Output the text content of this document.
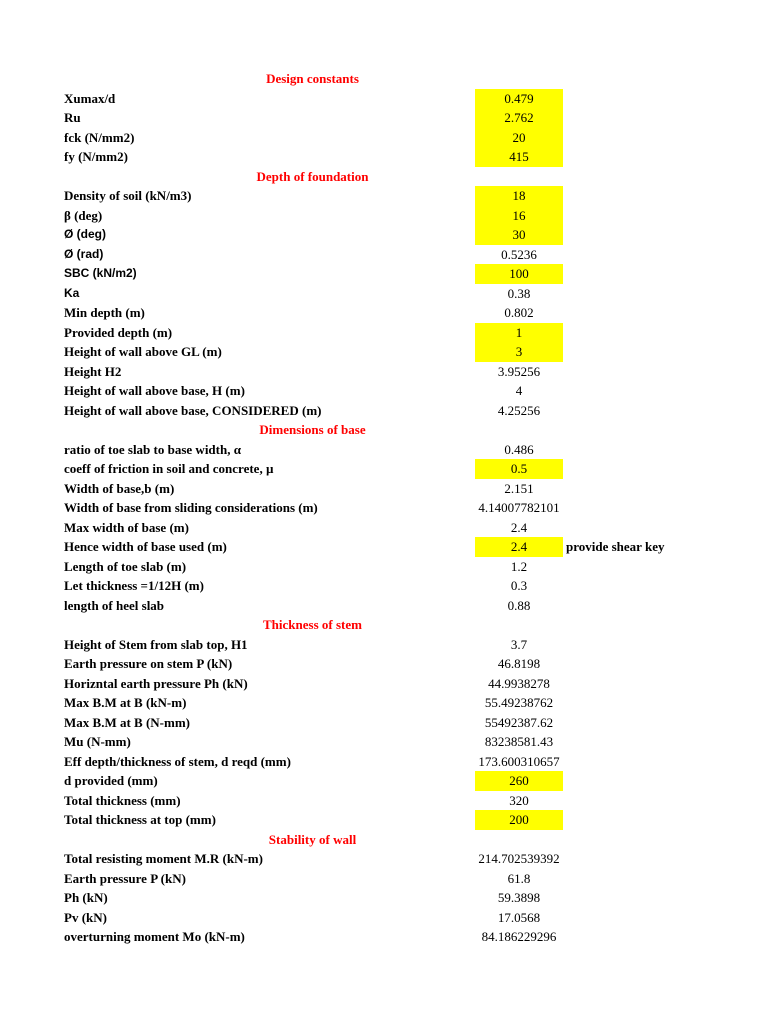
Design constants
Xumax/d	0.479
Ru	2.762
fck (N/mm2)	20
fy (N/mm2)	415
Depth of foundation
Density of soil (kN/m3)	18
β (deg)	16
Ø (deg)	30
Ø (rad)	0.5236
SBC (kN/m2)	100
Ka	0.38
Min depth (m)	0.802
Provided depth (m)	1
Height of wall above GL (m)	3
Height H2	3.95256
Height of wall above base, H (m)	4
Height of wall above base, CONSIDERED (m)	4.25256
Dimensions of base
ratio of toe slab to base width, α	0.486
coeff of friction in soil and concrete, µ	0.5
Width of base,b (m)	2.151
Width of base from sliding considerations (m)	4.14007782101
Max width of base (m)	2.4
Hence width of base used (m)	2.4	provide shear key
Length of toe slab (m)	1.2
Let thickness =1/12H (m)	0.3
length of heel slab	0.88
Thickness of stem
Height of Stem from slab top, H1	3.7
Earth pressure on stem P (kN)	46.8198
Horizntal earth pressure Ph (kN)	44.9938278
Max B.M at B (kN-m)	55.49238762
Max B.M at B (N-mm)	55492387.62
Mu (N-mm)	83238581.43
Eff depth/thickness of stem, d reqd (mm)	173.600310657
d provided (mm)	260
Total thickness (mm)	320
Total thickness at top (mm)	200
Stability of wall
Total resisting moment M.R (kN-m)	214.702539392
Earth pressure P (kN)	61.8
Ph (kN)	59.3898
Pv (kN)	17.0568
overturning moment Mo (kN-m)	84.186229296
